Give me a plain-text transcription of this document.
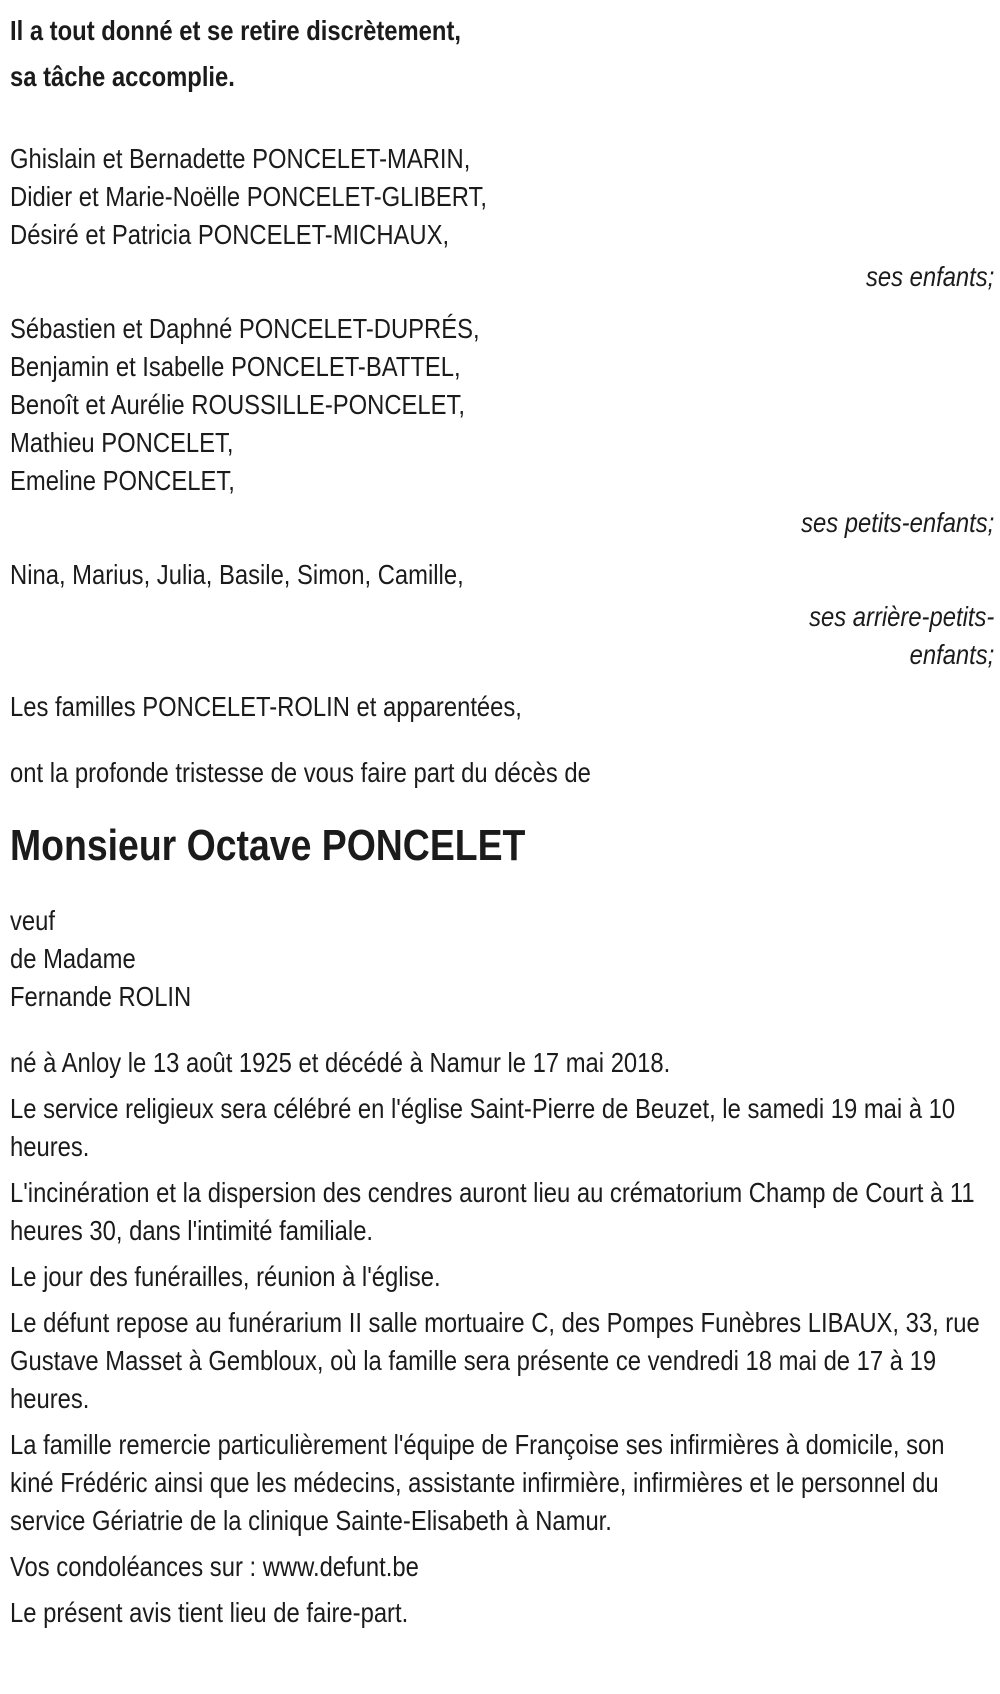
Il a tout donné et se retire discrètement,

sa tâche accomplie.

Ghislain et Bernadette PONCELET-MARIN,

Didier et Marie-Noëlle PONCELET-GLIBERT,

Désiré et Patricia PONCELET-MICHAUX,

ses enfants;

Sébastien et Daphné PONCELET-DUPRÉS,

Benjamin et Isabelle PONCELET-BATTEL,

Benoît et Aurélie ROUSSILLE-PONCELET,

Mathieu PONCELET,

Emeline PONCELET,

ses petits-enfants;

Nina, Marius, Julia, Basile, Simon, Camille,

ses arrière-petits-

enfants;

Les familles PONCELET-ROLIN et apparentées,

ont la profonde tristesse de vous faire part du décès de

Monsieur Octave PONCELET

veuf

de Madame

Fernande ROLIN

né à Anloy le 13 août 1925 et décédé à Namur le 17 mai 2018.

Le service religieux sera célébré en l'église Saint-Pierre de Beuzet, le samedi 19 mai à 10 heures.

L'incinération et la dispersion des cendres auront lieu au crématorium Champ de Court à 11 heures 30, dans l'intimité familiale.

Le jour des funérailles, réunion à l'église.

Le défunt repose au funérarium II salle mortuaire C, des Pompes Funèbres LIBAUX, 33, rue Gustave Masset à Gembloux, où la famille sera présente ce vendredi 18 mai de 17 à 19 heures.

La famille remercie particulièrement l'équipe de Françoise ses infirmières à domicile, son kiné Frédéric ainsi que les médecins, assistante infirmière, infirmières et le personnel du service Gériatrie de la clinique Sainte-Elisabeth à Namur.

Vos condoléances sur : www.defunt.be

Le présent avis tient lieu de faire-part.
